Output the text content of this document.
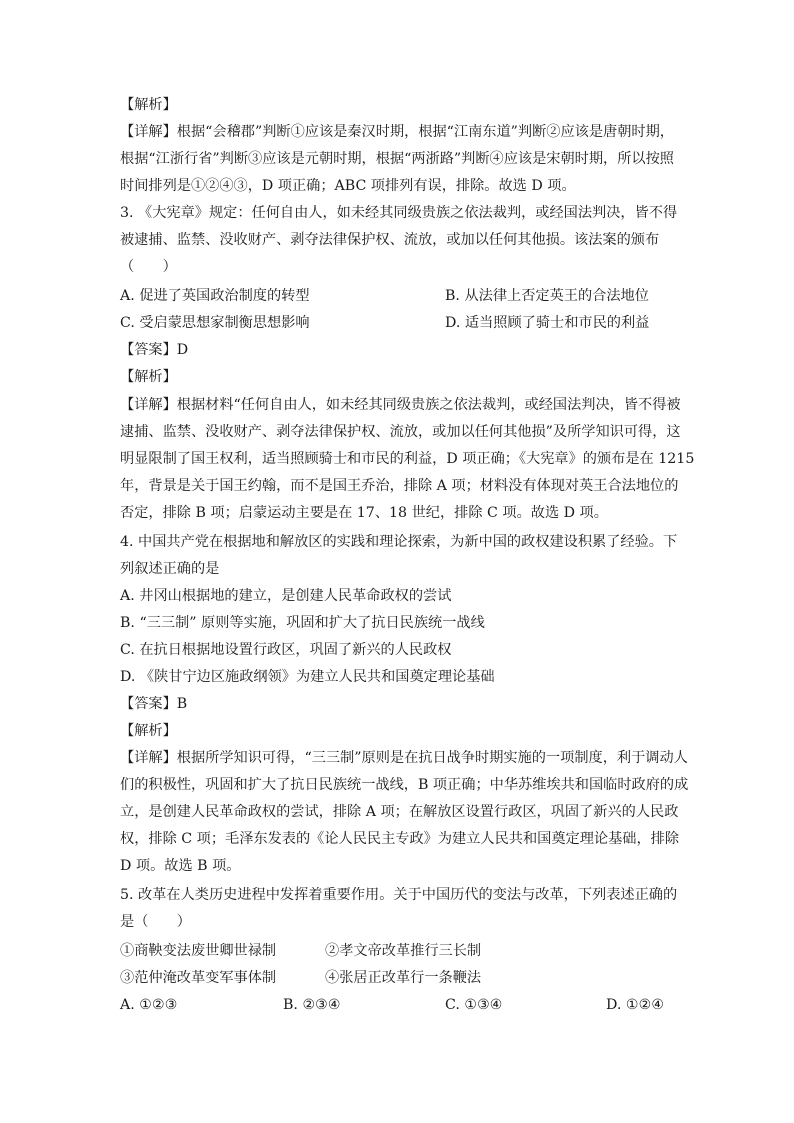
【解析】
【详解】根据“会稽郡”判断①应该是秦汉时期，根据“江南东道”判断②应该是唐朝时期，
根据“江浙行省”判断③应该是元朝时期，根据“两浙路”判断④应该是宋朝时期，所以按照
时间排列是①②④③，D 项正确；ABC 项排列有误，排除。故选 D 项。
3. 《大宪章》规定：任何自由人，如未经其同级贵族之依法裁判，或经国法判决，皆不得
被逮捕、监禁、没收财产、剥夺法律保护权、流放，或加以任何其他损。该法案的颁布
（　　）
A. 促进了英国政治制度的转型	B. 从法律上否定英王的合法地位
C. 受启蒙思想家制衡思想影响	D. 适当照顾了骑士和市民的利益
【答案】D
【解析】
【详解】根据材料“任何自由人，如未经其同级贵族之依法裁判，或经国法判决，皆不得被
逮捕、监禁、没收财产、剥夺法律保护权、流放，或加以任何其他损”及所学知识可得，这
明显限制了国王权利，适当照顾骑士和市民的利益，D 项正确；《大宪章》的颁布是在 1215
年，背景是关于国王约翰，而不是国王乔治，排除 A 项；材料没有体现对英王合法地位的
否定，排除 B 项；启蒙运动主要是在 17、18 世纪，排除 C 项。故选 D 项。
4. 中国共产党在根据地和解放区的实践和理论探索，为新中国的政权建设积累了经验。下
列叙述正确的是
A. 井冈山根据地的建立，是创建人民革命政权的尝试
B. “三三制” 原则等实施，巩固和扩大了抗日民族统一战线
C. 在抗日根据地设置行政区，巩固了新兴的人民政权
D. 《陕甘宁边区施政纲领》为建立人民共和国奠定理论基础
【答案】B
【解析】
【详解】根据所学知识可得，“三三制”原则是在抗日战争时期实施的一项制度，利于调动人
们的积极性，巩固和扩大了抗日民族统一战线，B 项正确；中华苏维埃共和国临时政府的成
立，是创建人民革命政权的尝试，排除 A 项；在解放区设置行政区，巩固了新兴的人民政
权，排除 C 项；毛泽东发表的《论人民民主专政》为建立人民共和国奠定理论基础，排除
D 项。故选 B 项。
5. 改革在人类历史进程中发挥着重要作用。关于中国历代的变法与改革，下列表述正确的
是（　　）
①商鞅变法废世卿世禄制	②孝文帝改革推行三长制
③范仲淹改革变军事体制	④张居正改革行一条鞭法
A. ①②③	B. ②③④	C. ①③④	D. ①②④
